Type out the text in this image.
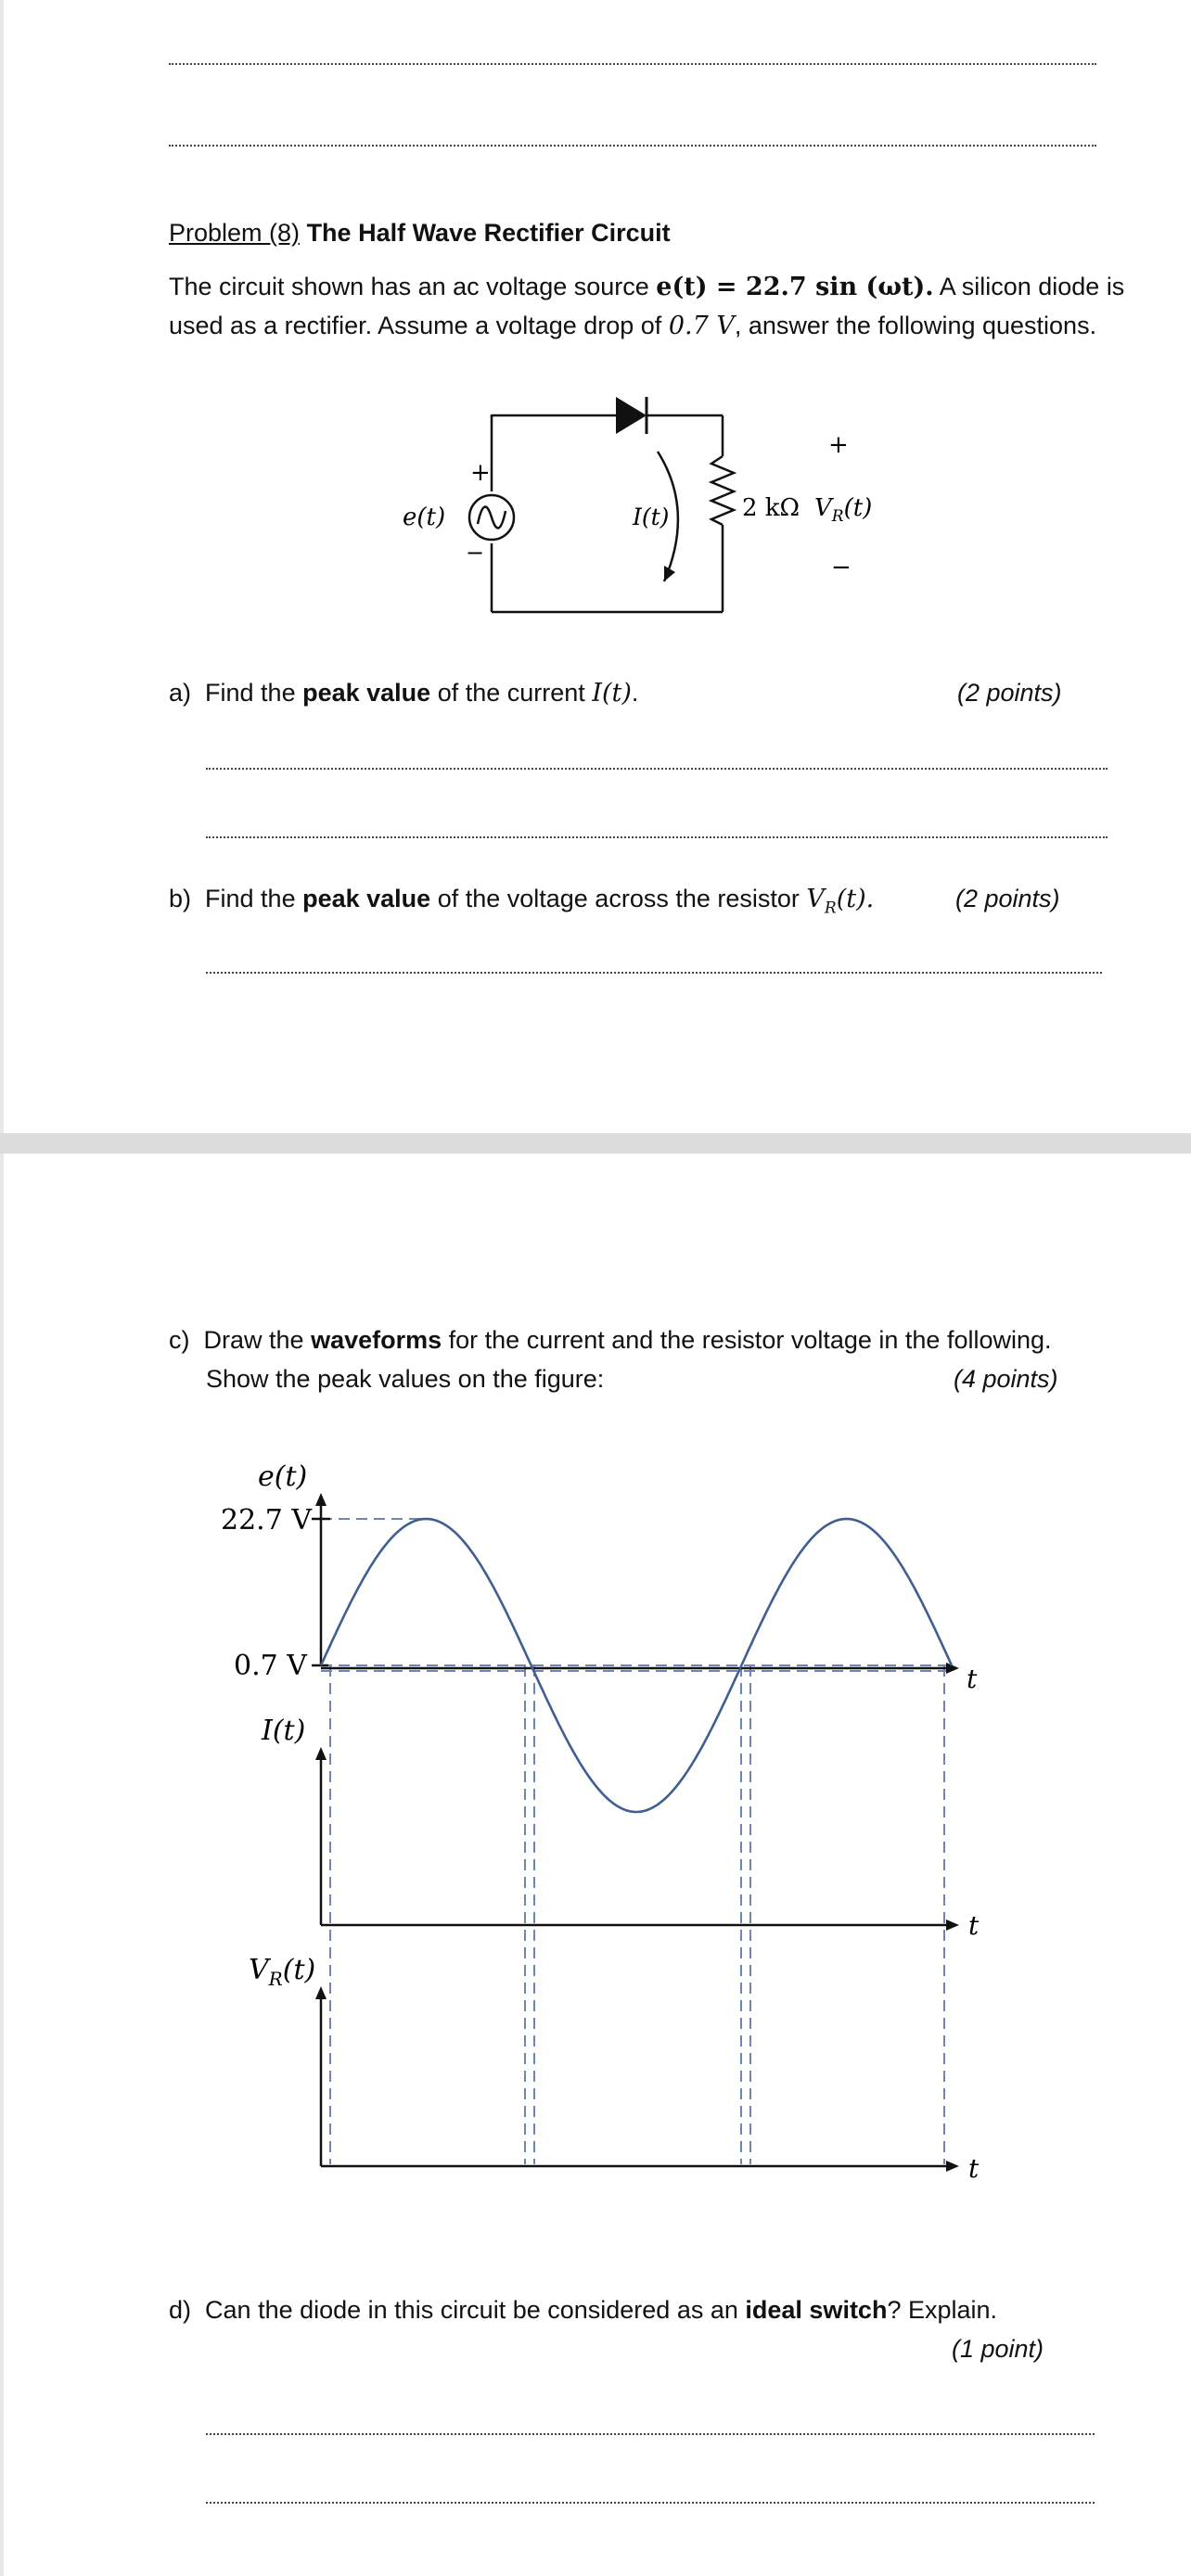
Problem (8) The Half Wave Rectifier Circuit
The circuit shown has an ac voltage source e(t) = 22.7 sin (ωt). A silicon diode is
used as a rectifier. Assume a voltage drop of 0.7 V, answer the following questions.
+
−
e(t)	I(t)	2 kΩ $V_R(t)$
+
−
a) Find the peak value of the current I(t).	(2 points)
b) Find the peak value of the voltage across the resistor $V_R(t)$.	(2 points)
c) Draw the waveforms for the current and the resistor voltage in the following.
Show the peak values on the figure:	(4 points)
e(t)
22.7 V
0.7 V
I(t)
$V_R(t)$
t
t
t
d) Can the diode in this circuit be considered as an ideal switch? Explain.
(1 point)
